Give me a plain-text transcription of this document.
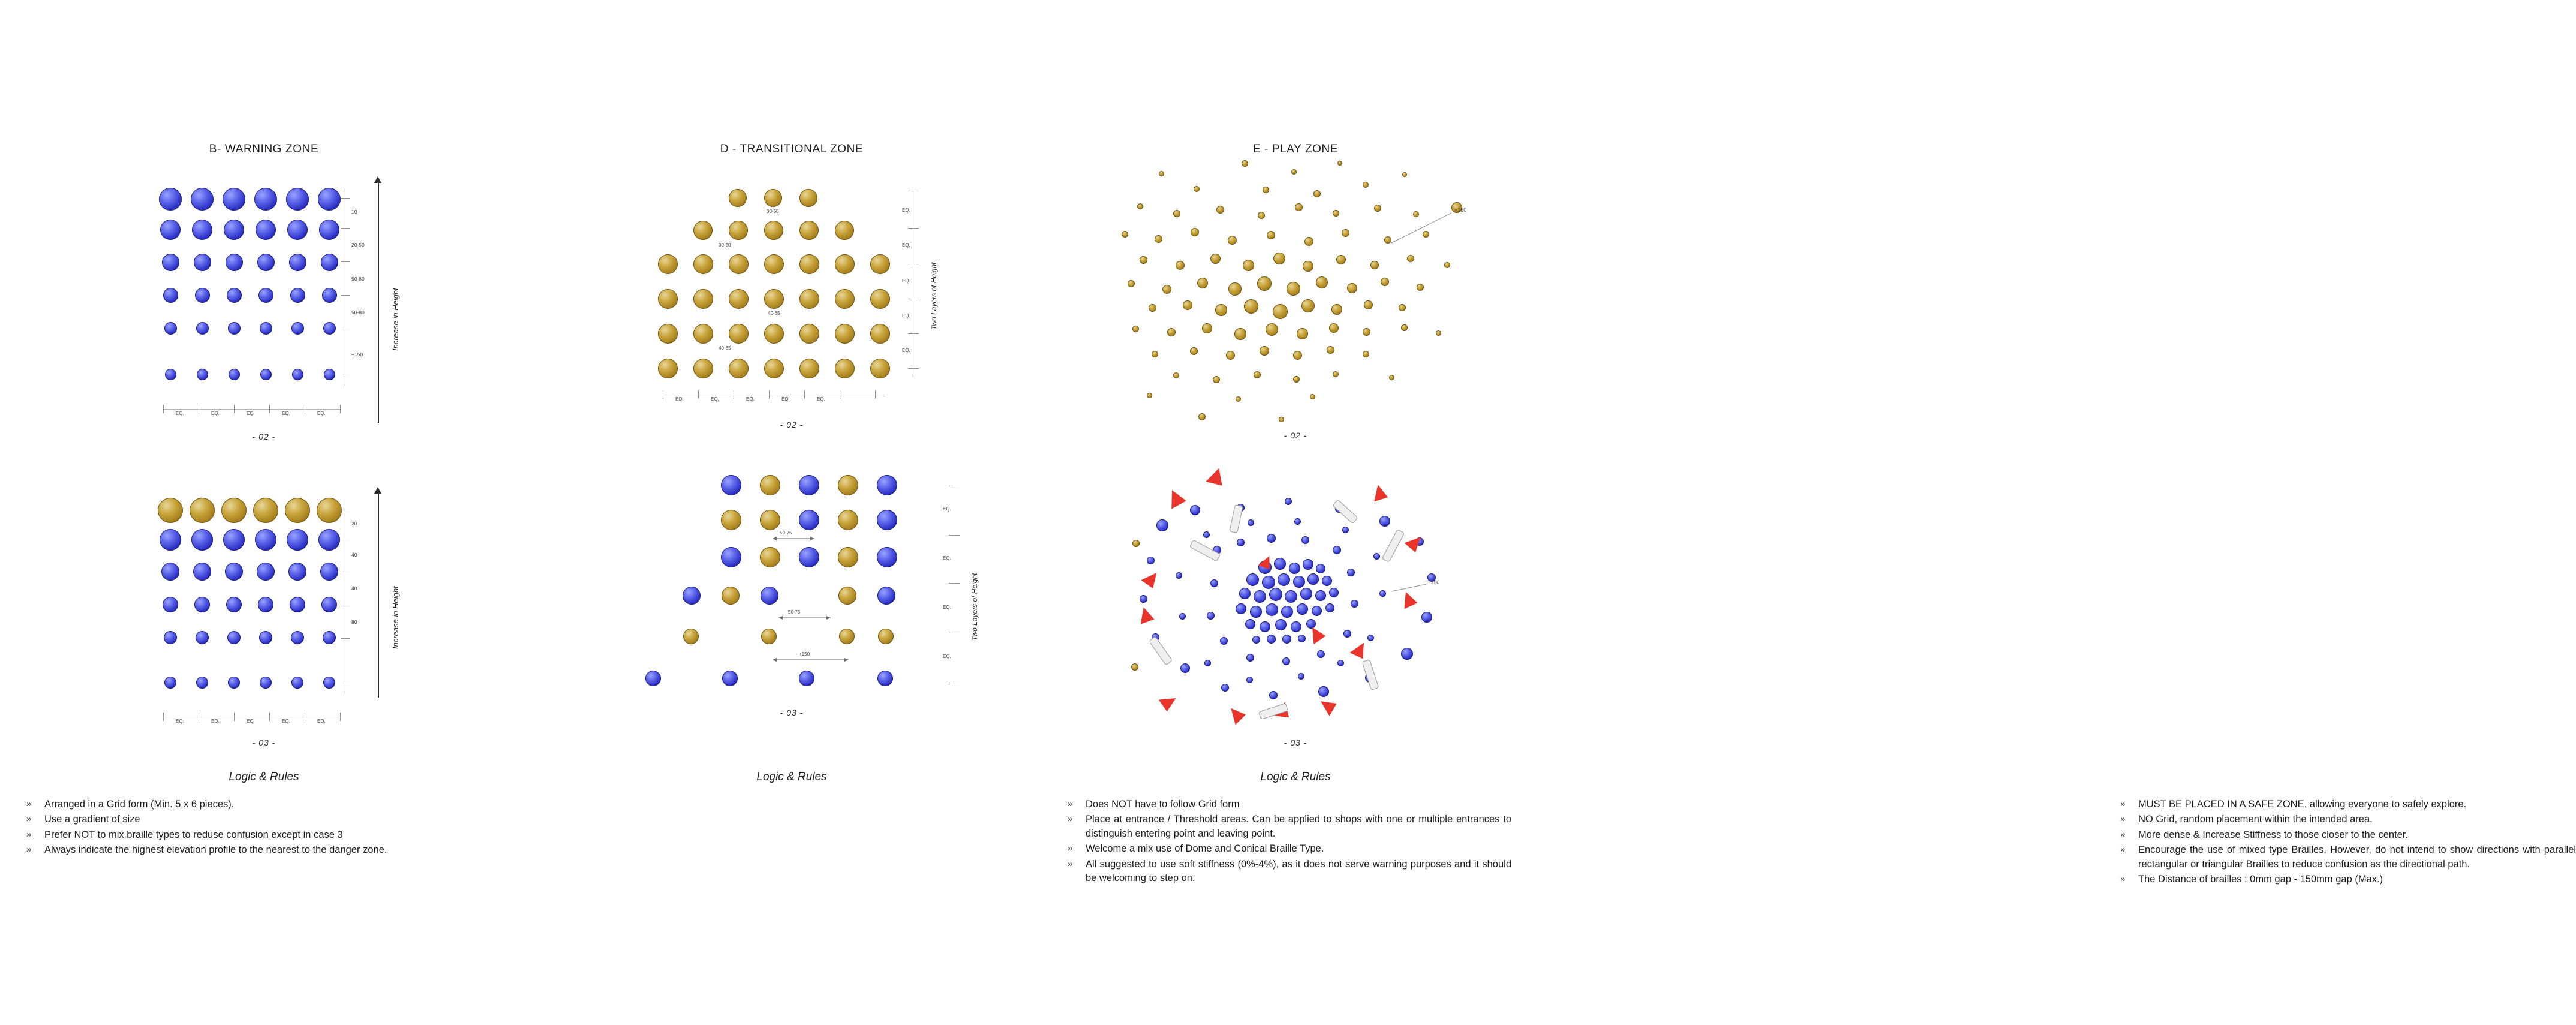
B- WARNING ZONE
10
20-50
50-80
50-80
+150
Increase in Height
EQ.	EQ.	EQ.	EQ.	EQ.
- 02 -
20
40
40
80	Increase in Height
EQ.	EQ.	EQ.	EQ.	EQ.
- 03 -
Logic & Rules
»	Arranged in a Grid form (Min. 5 x 6 pieces).
»	Use a gradient of size
»	Prefer NOT to mix braille types to reduse confusion except in case 3
»	Always indicate the highest elevation profile to the nearest to the danger zone.
D - TRANSITIONAL ZONE
30-50
30-50
40-65
40-65
EQ.
EQ.
EQ.
EQ.
EQ.
Two Layers of Height
EQ.	EQ.	EQ.	EQ.	EQ.
- 02 -
50-75
50-75
+150
EQ.
EQ.
EQ.
EQ.
Two Layers of Height
- 03 -
Logic & Rules
»	Does NOT have to follow Grid form
»	Place at entrance / Threshold areas. Can be applied to shops with one or multiple entrances to distinguish entering point and leaving point.
»	Welcome a mix use of Dome and Conical Braille Type.
»	All suggested to use soft stiffness (0%-4%), as it does not serve warning purposes and it should be welcoming to step on.
E - PLAY ZONE
+150
- 02 -
+150
- 03 -
Logic & Rules
»	MUST BE PLACED IN A SAFE ZONE, allowing everyone to safely explore.
»	NO Grid, random placement within the intended area.
»	More dense & Increase Stiffness to those closer to the center.
»	Encourage the use of mixed type Brailles. However, do not intend to show directions with parallel rectangular or triangular Brailles to reduce confusion as the directional path.
»	The Distance of brailles : 0mm gap - 150mm gap (Max.)
